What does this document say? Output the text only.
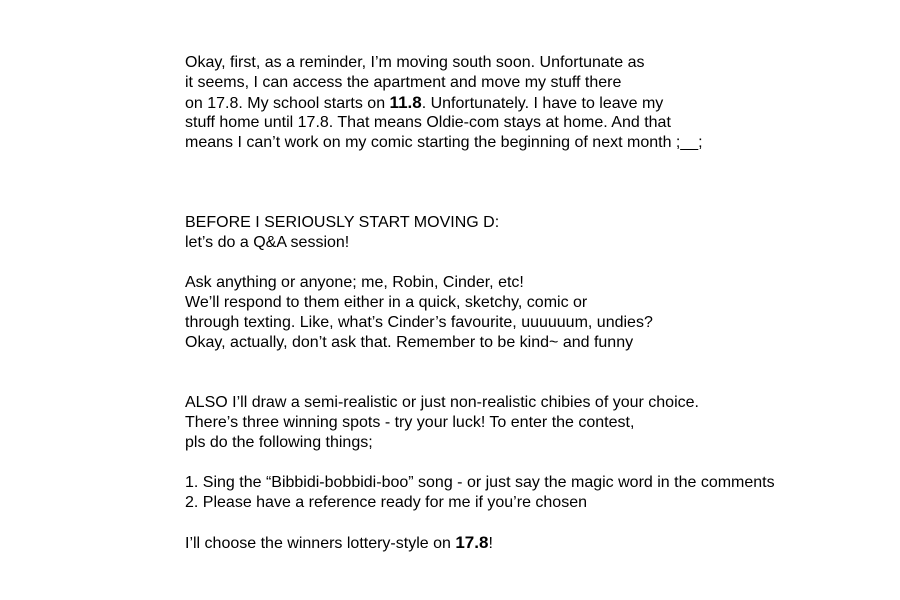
Okay, first, as a reminder, I’m moving south soon. Unfortunate as
it seems, I can access the apartment and move my stuff there
on 17.8. My school starts on 11.8. Unfortunately. I have to leave my
stuff home until 17.8. That means Oldie-com stays at home. And that
means I can’t work on my comic starting the beginning of next month ;__;
BEFORE I SERIOUSLY START MOVING D:
let’s do a Q&A session!
Ask anything or anyone; me, Robin, Cinder, etc!
We’ll respond to them either in a quick, sketchy, comic or
through texting. Like, what’s Cinder’s favourite, uuuuuum, undies?
Okay, actually, don’t ask that. Remember to be kind~ and funny
ALSO I’ll draw a semi-realistic or just non-realistic chibies of your choice.
There’s three winning spots - try your luck! To enter the contest,
pls do the following things;
1. Sing the “Bibbidi-bobbidi-boo” song - or just say the magic word in the comments
2. Please have a reference ready for me if you’re chosen
I’ll choose the winners lottery-style on 17.8!
